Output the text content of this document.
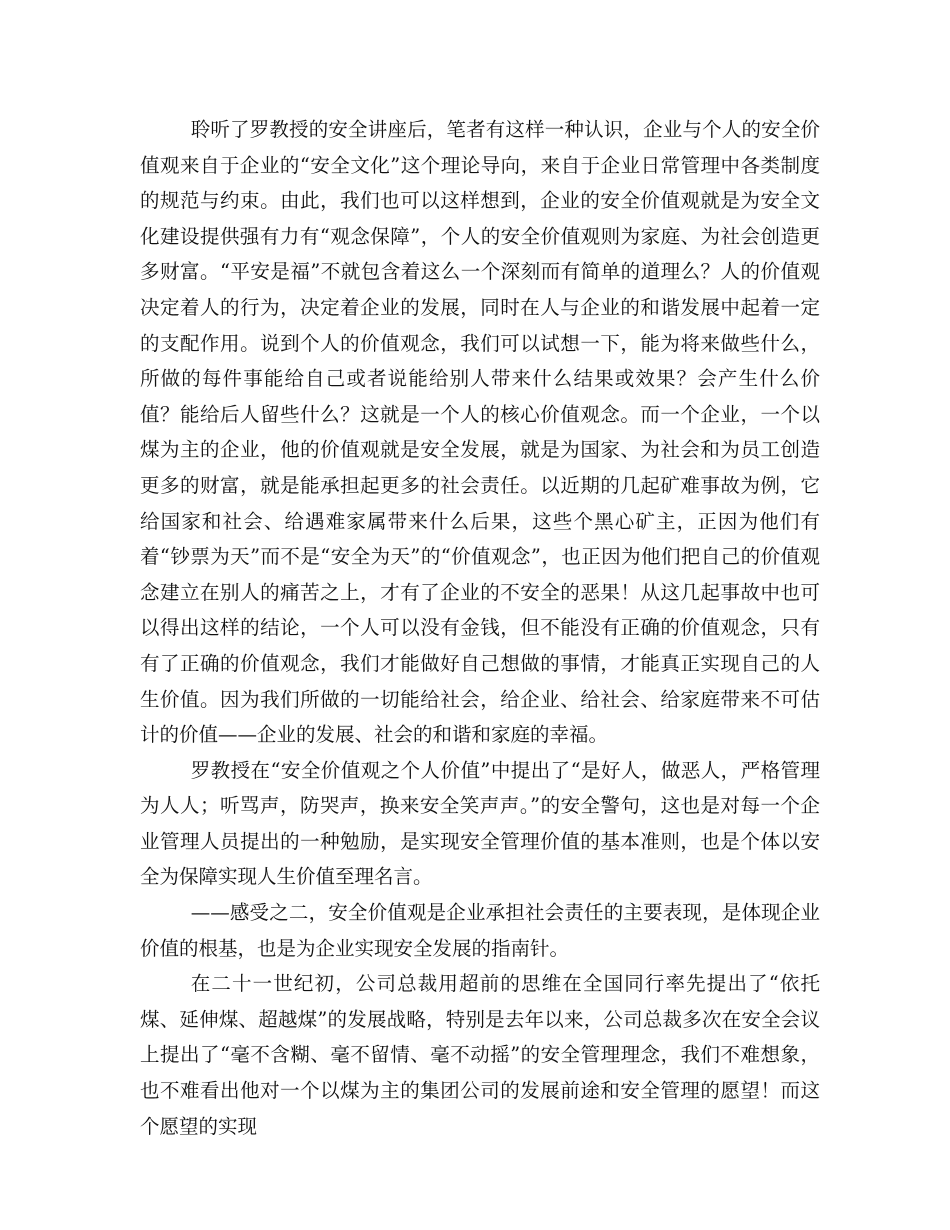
聆听了罗教授的安全讲座后，笔者有这样一种认识，企业与个人的安全价值观来自于企业的“安全文化”这个理论导向，来自于企业日常管理中各类制度的规范与约束。由此，我们也可以这样想到，企业的安全价值观就是为安全文化建设提供强有力有“观念保障”，个人的安全价值观则为家庭、为社会创造更多财富。“平安是福”不就包含着这么一个深刻而有简单的道理么？人的价值观决定着人的行为，决定着企业的发展，同时在人与企业的和谐发展中起着一定的支配作用。说到个人的价值观念，我们可以试想一下，能为将来做些什么，所做的每件事能给自己或者说能给别人带来什么结果或效果？会产生什么价值？能给后人留些什么？这就是一个人的核心价值观念。而一个企业，一个以煤为主的企业，他的价值观就是安全发展，就是为国家、为社会和为员工创造更多的财富，就是能承担起更多的社会责任。以近期的几起矿难事故为例，它给国家和社会、给遇难家属带来什么后果，这些个黑心矿主，正因为他们有着“钞票为天”而不是“安全为天”的“价值观念”，也正因为他们把自己的价值观念建立在别人的痛苦之上，才有了企业的不安全的恶果！从这几起事故中也可以得出这样的结论，一个人可以没有金钱，但不能没有正确的价值观念，只有有了正确的价值观念，我们才能做好自己想做的事情，才能真正实现自己的人生价值。因为我们所做的一切能给社会，给企业、给社会、给家庭带来不可估计的价值——企业的发展、社会的和谐和家庭的幸福。

罗教授在“安全价值观之个人价值”中提出了“是好人，做恶人，严格管理为人人；听骂声，防哭声，换来安全笑声声。”的安全警句，这也是对每一个企业管理人员提出的一种勉励，是实现安全管理价值的基本准则，也是个体以安全为保障实现人生价值至理名言。

——感受之二，安全价值观是企业承担社会责任的主要表现，是体现企业价值的根基，也是为企业实现安全发展的指南针。

在二十一世纪初，公司总裁用超前的思维在全国同行率先提出了“依托煤、延伸煤、超越煤”的发展战略，特别是去年以来，公司总裁多次在安全会议上提出了“毫不含糊、毫不留情、毫不动摇”的安全管理理念，我们不难想象，也不难看出他对一个以煤为主的集团公司的发展前途和安全管理的愿望！而这个愿望的实现
